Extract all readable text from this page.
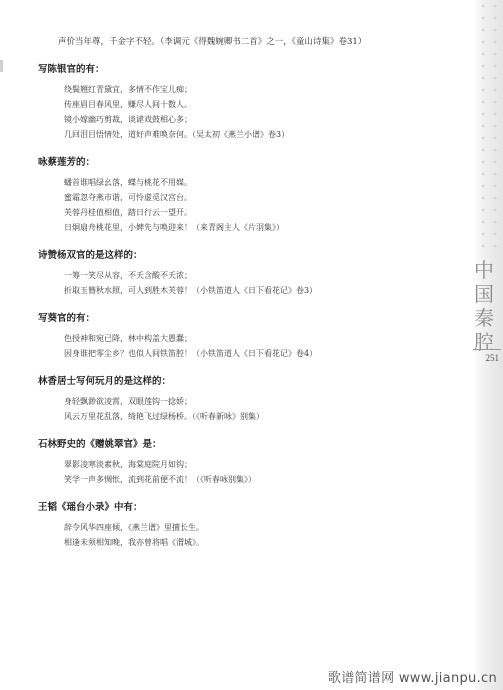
中
国
秦
腔
251
声价当年尊，千金字不轻。（李调元《得魏婉卿书二首》之一，《童山诗集》卷31）
写陈银官的有：
绕鬓翘红青黛宜，多情不作宝儿痴；
传座眉目春风里，赚尽人间十数人。
镜小嫁幽巧剪裁，谈谑戏鼓相心多；
几回泪目悟情处，道好声难唤奈何。（吴太初《燕兰小谱》卷3）
咏蔡莲芳的：
蟠首谁唱绿幺落，蝶与桃花不用媒。
蜜霜忽夺燕市谐，可怜虚觅汉宫台。
芙蓉丹桂值相值，踏日行云一望开。
日炯扇舟桃花里，小婢先与唤迎来！（来青阁主人《片羽集》）
诗赞杨双官的是这样的：
一筹一笑尽从容，不夭含酸不夭浓；
折取玉簪秋水照，可人到胜木芙蓉！（小铁笛道人《日下看花记》卷3）
写葵官的有：
色授神和宛已降，林中构盖大愚蠢；
因身谁把零尘乡？也似人间铁笛腔！（小铁笛道人《日下看花记》卷4）
林香居士写何玩月的是这样的：
身轻飘渺欲凌霄，双眼莲钩一捻娇；
风云万里花乱落，绮艳飞过绿杨桥。（《听春新咏》别集）
石林野史的《赠姚翠官》是：
翠影凌寒淡素秋，海棠庭院月如钩；
笑学一声多惆怅，流到花前便不流！（《听春咏别集》）
王韬《瑶台小录》中有：
辞令风华四座倾，《燕兰谱》里擅长生。
相逢未须相知晚，我亦曾将唱《渭城》。
歌谱简谱网 www.jianpu.cn
